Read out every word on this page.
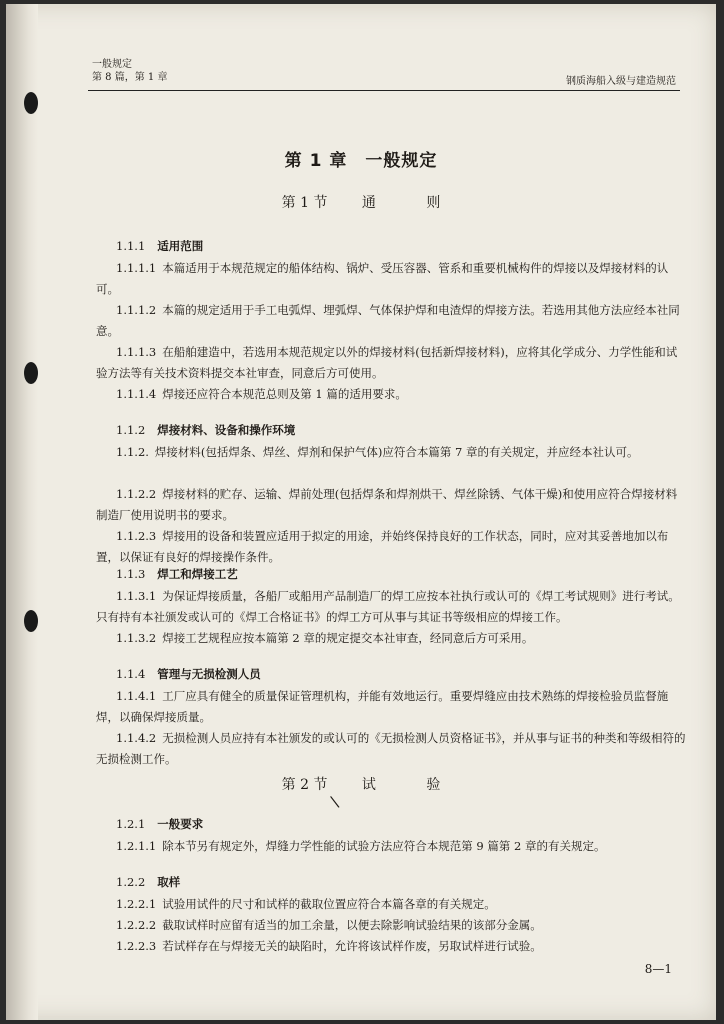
一般规定
第 8 篇，第 1 章	钢质海船入级与建造规范
第 1 章　一般规定
第 1 节 通	则
1.1.1 适用范围
1.1.1.1 本篇适用于本规范规定的船体结构、锅炉、受压容器、管系和重要机械构件的焊接以及焊接材料的认可。
1.1.1.2 本篇的规定适用于手工电弧焊、埋弧焊、气体保护焊和电渣焊的焊接方法。若选用其他方法应经本社同意。
1.1.1.3 在船舶建造中，若选用本规范规定以外的焊接材料(包括新焊接材料)，应将其化学成分、力学性能和试验方法等有关技术资料提交本社审查，同意后方可使用。
1.1.1.4 焊接还应符合本规范总则及第 1 篇的适用要求。
1.1.2 焊接材料、设备和操作环境
1.1.2. 焊接材料(包括焊条、焊丝、焊剂和保护气体)应符合本篇第 7 章的有关规定，并应经本社认可。
1.1.2.2 焊接材料的贮存、运输、焊前处理(包括焊条和焊剂烘干、焊丝除锈、气体干燥)和使用应符合焊接材料制造厂使用说明书的要求。
1.1.2.3 焊接用的设备和装置应适用于拟定的用途，并始终保持良好的工作状态，同时，应对其妥善地加以布置，以保证有良好的焊接操作条件。
1.1.3 焊工和焊接工艺
1.1.3.1 为保证焊接质量，各船厂或船用产品制造厂的焊工应按本社执行或认可的《焊工考试规则》进行考试。只有持有本社颁发或认可的《焊工合格证书》的焊工方可从事与其证书等级相应的焊接工作。
1.1.3.2 焊接工艺规程应按本篇第 2 章的规定提交本社审查，经同意后方可采用。
1.1.4 管理与无损检测人员
1.1.4.1 工厂应具有健全的质量保证管理机构，并能有效地运行。重要焊缝应由技术熟练的焊接检验员监督施焊，以确保焊接质量。
1.1.4.2 无损检测人员应持有本社颁发的或认可的《无损检测人员资格证书》，并从事与证书的种类和等级相符的无损检测工作。
第 2 节 试	验
\
1.2.1 一般要求
1.2.1.1 除本节另有规定外，焊缝力学性能的试验方法应符合本规范第 9 篇第 2 章的有关规定。
1.2.2 取样
1.2.2.1 试验用试件的尺寸和试样的截取位置应符合本篇各章的有关规定。
1.2.2.2 截取试样时应留有适当的加工余量，以便去除影响试验结果的该部分金属。
1.2.2.3 若试样存在与焊接无关的缺陷时，允许将该试样作废，另取试样进行试验。
8—1
